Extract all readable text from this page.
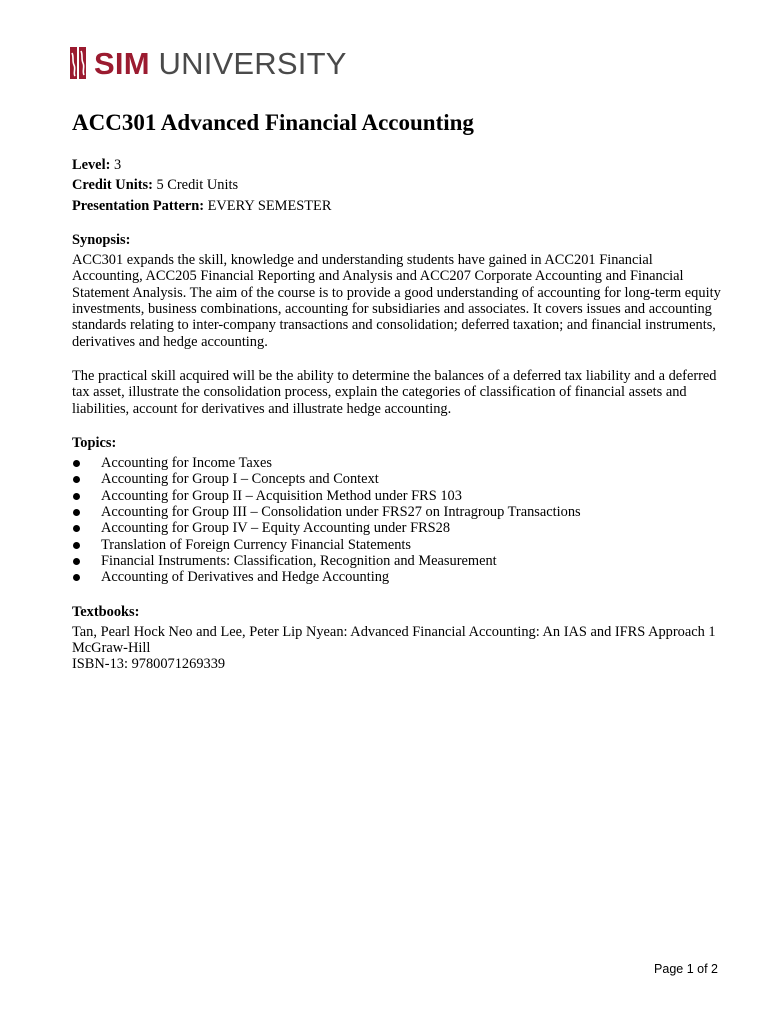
SIM UNIVERSITY
ACC301 Advanced Financial Accounting

Level: 3

Credit Units: 5 Credit Units

Presentation Pattern: EVERY SEMESTER

Synopsis:

ACC301 expands the skill, knowledge and understanding students have gained in ACC201 Financial Accounting, ACC205 Financial Reporting and Analysis and ACC207 Corporate Accounting and Financial Statement Analysis. The aim of the course is to provide a good understanding of accounting for long-term equity investments, business combinations, accounting for subsidiaries and associates. It covers issues and accounting standards relating to inter-company transactions and consolidation; deferred taxation; and financial instruments, derivatives and hedge accounting.

The practical skill acquired will be the ability to determine the balances of a deferred tax liability and a deferred tax asset, illustrate the consolidation process, explain the categories of classification of financial assets and liabilities, account for derivatives and illustrate hedge accounting.

Topics:

Accounting for Income Taxes
Accounting for Group I – Concepts and Context
Accounting for Group II – Acquisition Method under FRS 103
Accounting for Group III – Consolidation under FRS27 on Intragroup Transactions
Accounting for Group IV – Equity Accounting under FRS28
Translation of Foreign Currency Financial Statements
Financial Instruments: Classification, Recognition and Measurement
Accounting of Derivatives and Hedge Accounting

Textbooks:

Tan, Pearl Hock Neo and Lee, Peter Lip Nyean: Advanced Financial Accounting: An IAS and IFRS Approach 1 McGraw-Hill

ISBN-13: 9780071269339

Page 1 of 2
